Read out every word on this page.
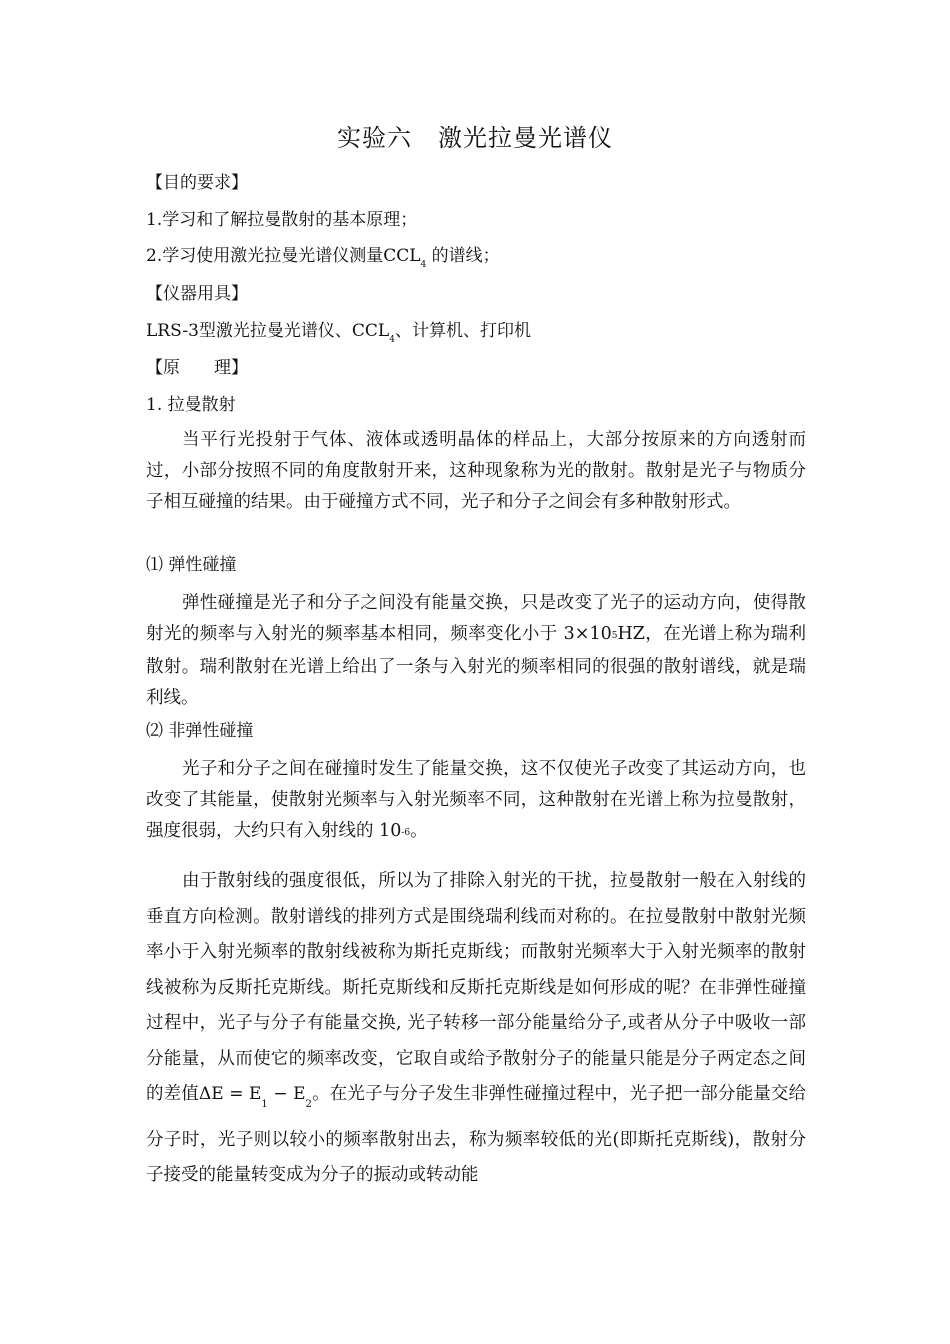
实验六 激光拉曼光谱仪
【目的要求】
1.学习和了解拉曼散射的基本原理；
2.学习使用激光拉曼光谱仪测量$CCL_4$ 的谱线；
【仪器用具】
LRS-3型激光拉曼光谱仪、$CCL_4$、计算机、打印机
【原　　理】
1. 拉曼散射
当平行光投射于气体、液体或透明晶体的样品上，大部分按原来的方向透射而过，小部分按照不同的角度散射开来，这种现象称为光的散射。散射是光子与物质分子相互碰撞的结果。由于碰撞方式不同，光子和分子之间会有多种散射形式。
⑴ 弹性碰撞
弹性碰撞是光子和分子之间没有能量交换，只是改变了光子的运动方向，使得散射光的频率与入射光的频率基本相同，频率变化小于 3×105HZ，在光谱上称为瑞利散射。瑞利散射在光谱上给出了一条与入射光的频率相同的很强的散射谱线，就是瑞利线。
⑵ 非弹性碰撞
光子和分子之间在碰撞时发生了能量交换，这不仅使光子改变了其运动方向，也改变了其能量，使散射光频率与入射光频率不同，这种散射在光谱上称为拉曼散射，强度很弱，大约只有入射线的 10-6。
由于散射线的强度很低，所以为了排除入射光的干扰，拉曼散射一般在入射线的垂直方向检测。散射谱线的排列方式是围绕瑞利线而对称的。在拉曼散射中散射光频率小于入射光频率的散射线被称为斯托克斯线；而散射光频率大于入射光频率的散射线被称为反斯托克斯线。斯托克斯线和反斯托克斯线是如何形成的呢？在非弹性碰撞过程中，光子与分子有能量交换, 光子转移一部分能量给分子,或者从分子中吸收一部分能量，从而使它的频率改变，它取自或给予散射分子的能量只能是分子两定态之间的差值$\Delta E = E_1 - E_2$。在光子与分子发生非弹性碰撞过程中，光子把一部分能量交给分子时，光子则以较小的频率散射出去，称为频率较低的光(即斯托克斯线)，散射分子接受的能量转变成为分子的振动或转动能
